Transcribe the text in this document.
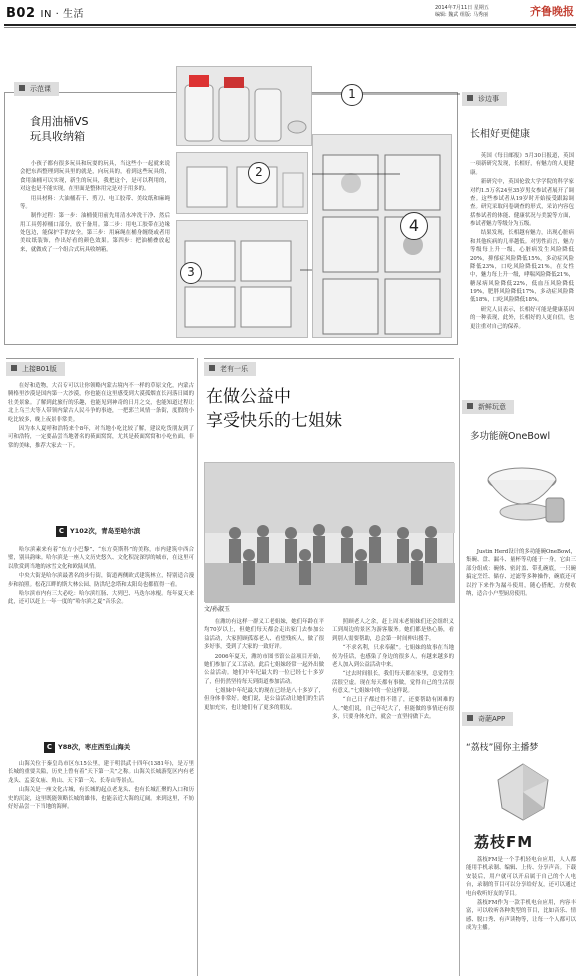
B02 IN · 生活
2014年7月11日 星期五
编辑: 魏武 组版: 马秀丽	齐鲁晚报
示范课
食用油桶VS
玩具收纳箱

小孩子都有很多玩具和玩耍的玩具，当这些小一起就来说会把东西整理到玩具里的就是，向玩具的，看到这些玩具的，食用油桶可以实现，新生的玩具，我把这个，是可以利用的，对这也是不能实现，在里面是整体用完是对于用多的。

用具材料：大油桶若干、剪刀、电工胶带、美纹纸和麻绳等。

制作过程：第一步：油桶使用前先用清水冲洗干净、然后用工具剪掉桶口部分，放干备用。第二步：用电工胶带在边缘处包边，能保护手的安全。第三步：用麻绳在桶身缠绕或者用美纹纸装饰，作出好看的颜色效果。第四步：把油桶叠放起来，就做成了一个组合式玩具收纳箱。

1
2
3
4
诊边事
长相好更健康

英国《每日邮报》5月30日报道，英国一项新研究发现，长相好，有魅力的人更健康。

新研究中，英国伦敦大学学院的科学家对约1.5万名24至35岁男女参试者展开了调查。这些参试者从19岁时开始接受跟踪调查。研究采取问卷调查的形式，采访内容包括参试者的体能、健康状况与美貌等方面，参试者魅力等级分为五级。

结果发现，长相越有魅力，出现心脏病和其他疾病的几率越低。对男性而言，魅力等级每上升一级，心脏病发生风险降低20%，抑郁症风险降低15%，多动症风险降低23%，口吃风险降低21%。在女性中，魅力每上升一级，哮喘风险降低21%，糖尿病风险降低22%，低血压风险降低19%，肥胖风险降低17%，多动症风险降低18%，口吃风险降低18%。

研究人员表示，长相好可能是健康基因的一种表现，此外，长相好的人更自信，也更注重对自己的保养。

上接B01版

在好和造物，大召专可以让你领略内蒙古境内不一样的草原文化，内蒙古腾格里沙漠是国内第一大沙漠，你也能在这里感受到大漠孤烟直长河落日圆的壮美景象。了解到此旅行的乐趣，也能见到神奇的日月之交，也能知道过程让北上乌兰夫等人带领内蒙古人民斗争的事迹，一把郭兰风情一条街，度假的小吃比较多，晚上夜景非常美。

因为本人夏呼和浩特来个8年，对当地小吃比较了解，建议吃货朋友到了可和浩特，一定要品尝当地著名的莜面窝窝，尤其是莜面窝窝和小吃鱼面，非常的美味，推荐大家去一下。

C Y102次，青岛至哈尔滨

哈尔滨素来有着“东方小巴黎”、“东方莫斯科”的美称，市内建筑中西合璧，别具韵味。哈尔滨是一座人文历史悠久、文化积淀深厚的城市，在这里可以欣赏到当地的冰雪文化和欧陆风情。

中央大街是哈尔滨最著名的步行街，街道两侧欧式建筑林立，特别适合漫步和拍照。松花江畔的斯大林公园、防洪纪念塔和太阳岛也都值得一看。

哈尔滨市内有三大必吃：哈尔滨红肠、大列巴、马迭尔冰棍。每年夏天来此，还可以赶上一年一度的“哈尔滨之夏”音乐会。

C Y88次，枣庄西至山海关

山海关位于秦皇岛市区东15公里，建于明洪武十四年(1381年)，是万里长城的重要关隘，历史上曾有着“天下第一关”之称。山海关长城游览区内有老龙头、孟姜女庙、角山、天下第一关、长寿山等景点。

山海关是一座文化古城，有长城的起点老龙头、也有长城汇聚的入口和历史的沉淀，这里既能领略长城的雄伟，也能亲近大海的辽阔。来到这里，不妨好好品尝一下当地的海鲜。

老有一乐
在做公益中
享受快乐的七姐妹
文/孙淑玉

在潍坊有这样一群义工老姐妹，她们年龄在平均70岁以上，但她们每天都会走出家门去参加公益活动，大家照顾孤寡老人、看望残疾人，做了很多好事，受到了大家的一致好评。

2006年夏天，潍坊市图书馆公益项目开始，她们参加了义工活动。此后七姐妹经常一起外出做公益活动。她们中年纪最大的一位已经七十多岁了，但仍然坚持每天到街道参加活动。

七姐妹中年纪最大的现在已经是八十多岁了，但身体非常好。她们说，是公益活动让她们的生活更加充实，也让她们有了更多的朋友。

照顾老人之余，赶上周末老姐妹们还会组织义工到周边的景区为游客服务。她们都是热心肠，看到别人需要帮助，总会第一时间伸出援手。

“不求名利，只求奉献”。七姐妹的故事在当地传为佳话，也感染了身边的很多人，有越来越多的老人加入到公益活动中来。

“过去时间很长，我们每天都在家里，总觉得生活很空虚。现在每天都有事做，觉得自己的生活很有意义。”七姐妹中的一位这样说。

“自己日子都过得不错了，还要帮助有困难的人。”她们说，自己年纪大了，但能做的事情还有很多，只要身体允许，就会一直坚持做下去。

新鲜玩意
多功能碗OneBowl

Justin Herd设计的多功能碗OneBowl，集碗、盘、漏斗、量杯等功能于一身，它由三部分组成：碗体、密封盖、带孔碗底，一只碗搞定烹饪、储存、过滤等多种操作，碗底还可以拧下来作为漏斗使用，随心搭配，方便收纳，适合小户型厨房使用。

奇葩APP
“荔枝”圆你主播梦
荔枝FM

荔枝FM是一个手机轻电台应用，人人都能用手机录制、编辑、上传、分享声音。下载安装后，用户就可以开启属于自己的个人电台，录制的节目可以分享给好友，还可以通过电台收听好友的节目。

荔枝FM作为一款手机电台应用，内容丰富，可以收听各种类型的节目，比如音乐、情感、脱口秀、有声读物等，让每一个人都可以成为主播。
